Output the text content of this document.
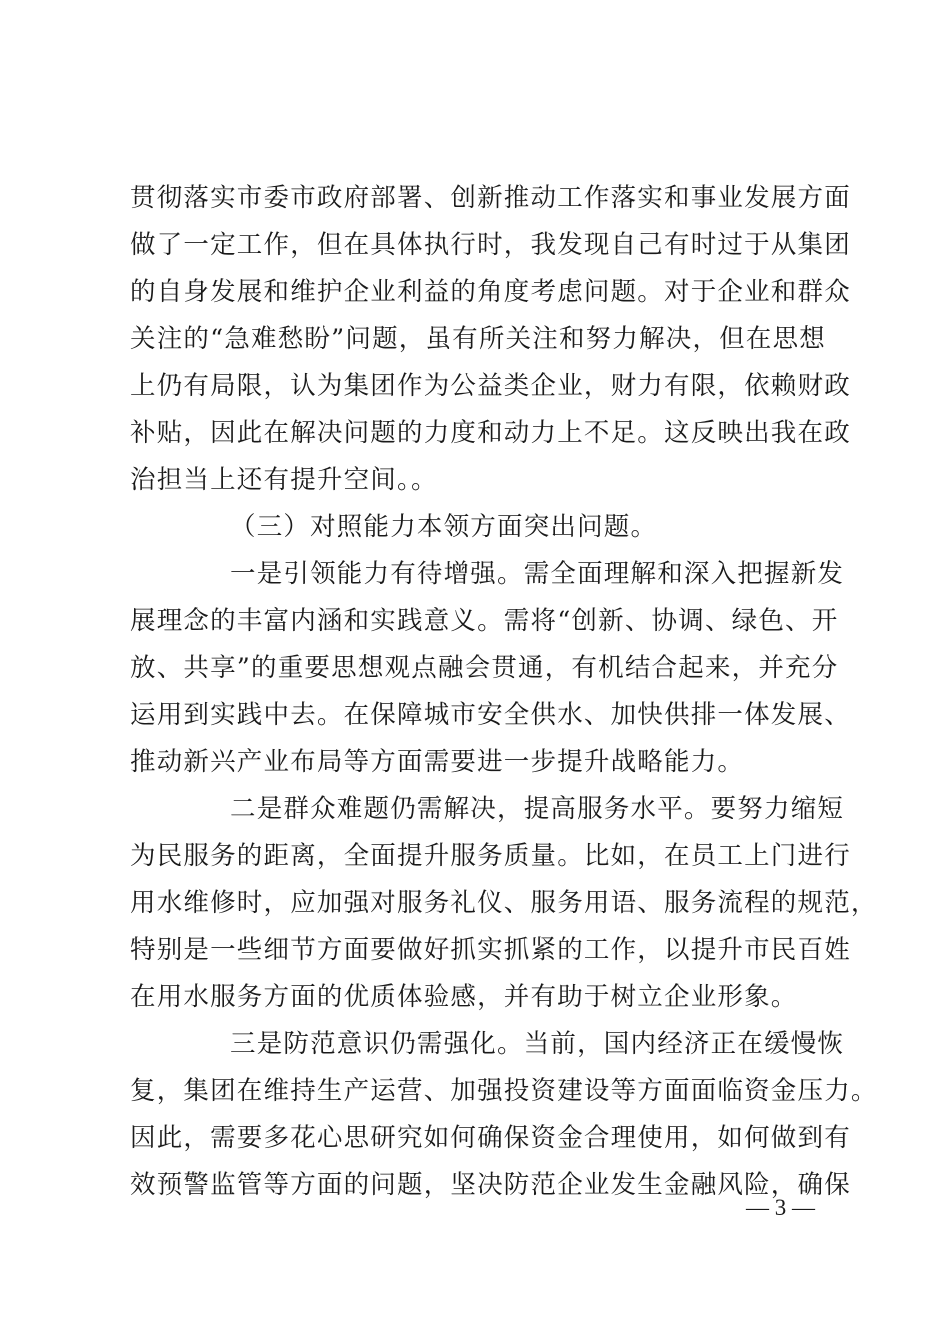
贯彻落实市委市政府部署、创新推动工作落实和事业发展方面
做了一定工作，但在具体执行时，我发现自己有时过于从集团
的自身发展和维护企业利益的角度考虑问题。对于企业和群众
关注的“急难愁盼”问题，虽有所关注和努力解决，但在思想
上仍有局限，认为集团作为公益类企业，财力有限，依赖财政
补贴，因此在解决问题的力度和动力上不足。这反映出我在政
治担当上还有提升空间。。
（三）对照能力本领方面突出问题。
一是引领能力有待增强。需全面理解和深入把握新发
展理念的丰富内涵和实践意义。需将“创新、协调、绿色、开
放、共享”的重要思想观点融会贯通，有机结合起来，并充分
运用到实践中去。在保障城市安全供水、加快供排一体发展、
推动新兴产业布局等方面需要进一步提升战略能力。
二是群众难题仍需解决，提高服务水平。要努力缩短
为民服务的距离，全面提升服务质量。比如，在员工上门进行
用水维修时，应加强对服务礼仪、服务用语、服务流程的规范，
特别是一些细节方面要做好抓实抓紧的工作，以提升市民百姓
在用水服务方面的优质体验感，并有助于树立企业形象。
三是防范意识仍需强化。当前，国内经济正在缓慢恢
复，集团在维持生产运营、加强投资建设等方面面临资金压力。
因此，需要多花心思研究如何确保资金合理使用，如何做到有
效预警监管等方面的问题，坚决防范企业发生金融风险，确保
— 3 —
